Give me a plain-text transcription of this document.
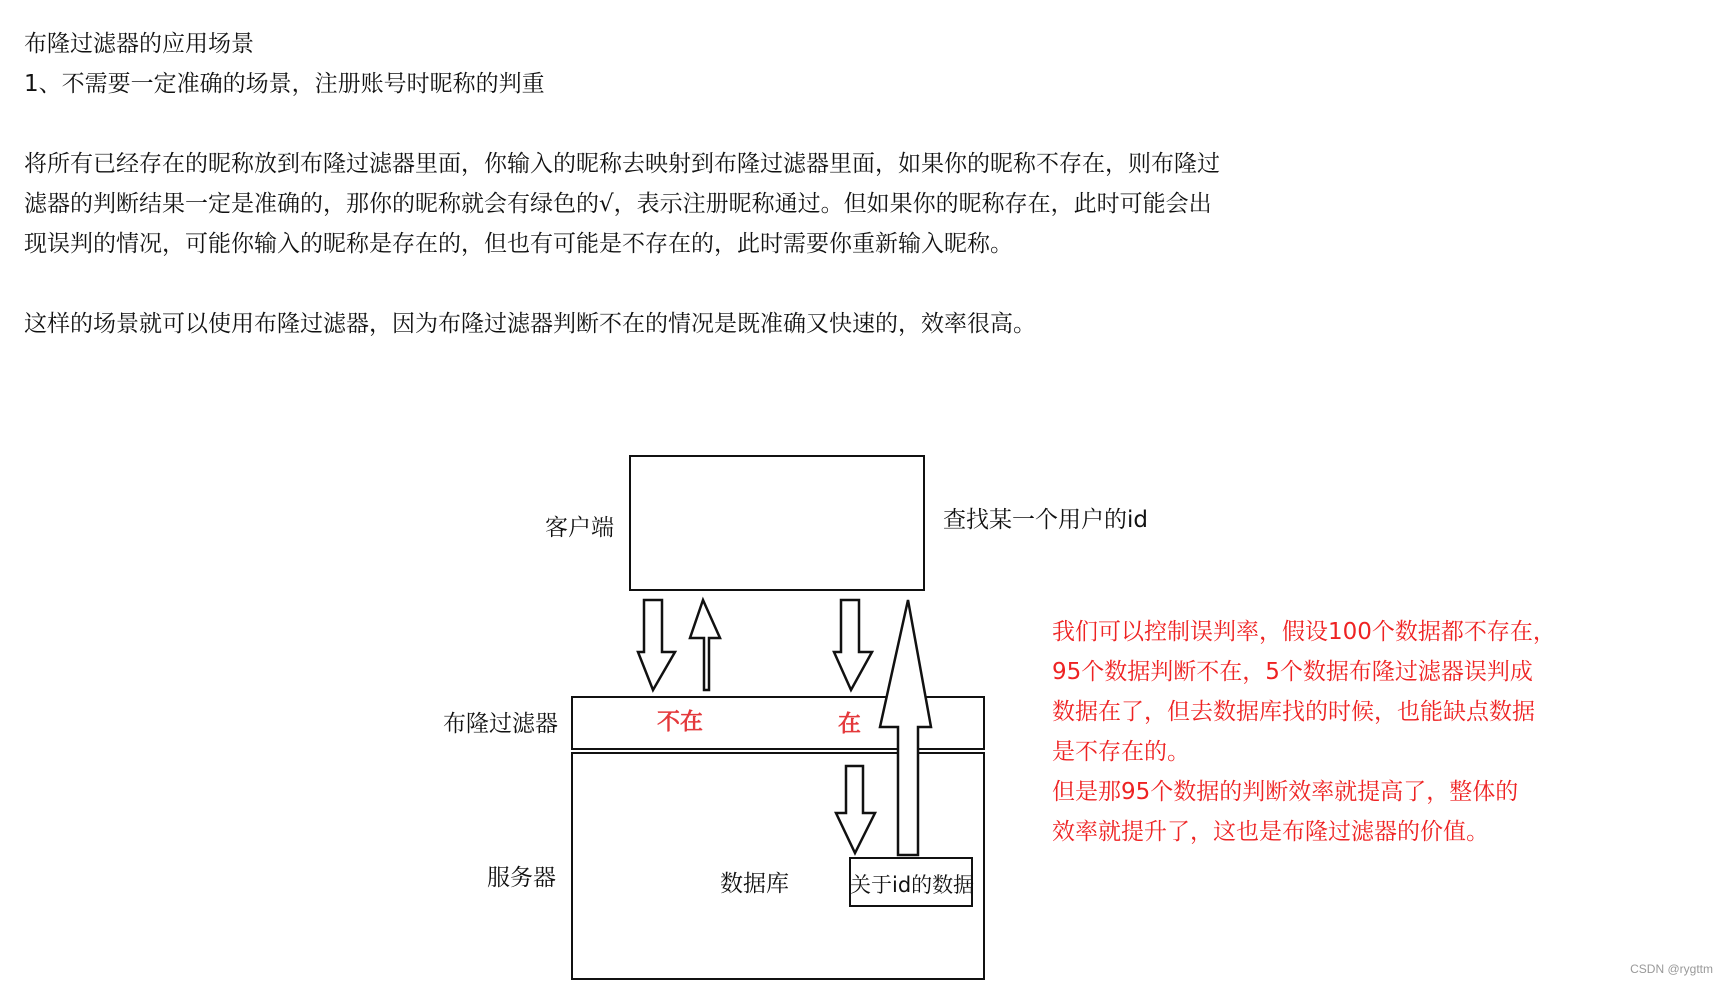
布隆过滤器的应用场景

1、不需要一定准确的场景，注册账号时昵称的判重

将所有已经存在的昵称放到布隆过滤器里面，你输入的昵称去映射到布隆过滤器里面，如果你的昵称不存在，则布隆过

滤器的判断结果一定是准确的，那你的昵称就会有绿色的√，表示注册昵称通过。但如果你的昵称存在，此时可能会出

现误判的情况，可能你输入的昵称是存在的，但也有可能是不存在的，此时需要你重新输入昵称。

这样的场景就可以使用布隆过滤器，因为布隆过滤器判断不在的情况是既准确又快速的，效率很高。

客户端	查找某一个用户的id
布隆过滤器	不在	在
服务器	数据库	关于id的数据

我们可以控制误判率，假设100个数据都不存在，

95个数据判断不在，5个数据布隆过滤器误判成

数据在了，但去数据库找的时候，也能缺点数据

是不存在的。

但是那95个数据的判断效率就提高了，整体的

效率就提升了，这也是布隆过滤器的价值。

CSDN @rygttm
